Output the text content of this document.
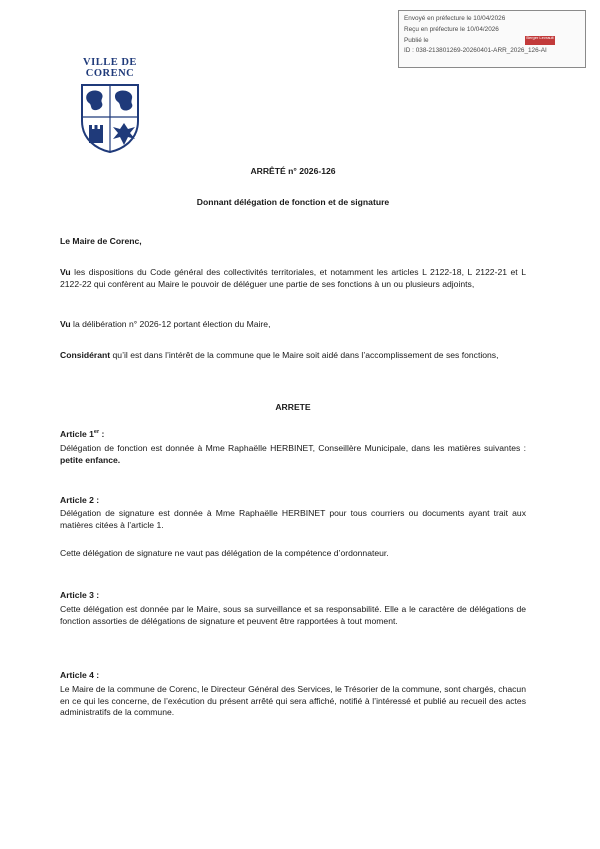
Envoyé en préfecture le 10/04/2026
Reçu en préfecture le 10/04/2026
Publié le
ID : 038-213801269-20260401-ARR_2026_126-AI
Berger Levrault
VILLE DE
CORENC
ARRÊTÉ n° 2026-126
Donnant délégation de fonction et de signature
Le Maire de Corenc,
Vu les dispositions du Code général des collectivités territoriales, et notamment les articles L 2122-18, L 2122-21 et L 2122-22 qui confèrent au Maire le pouvoir de déléguer une partie de ses fonctions à un ou plusieurs adjoints,
Vu la délibération n° 2026-12 portant élection du Maire,
Considérant qu’il est dans l’intérêt de la commune que le Maire soit aidé dans l’accomplissement de ses fonctions,
ARRETE
Article 1er :
Délégation de fonction est donnée à Mme Raphaëlle HERBINET, Conseillère Municipale, dans les matières suivantes : petite enfance.
Article 2 :
Délégation de signature est donnée à Mme Raphaëlle HERBINET pour tous courriers ou documents ayant trait aux matières citées à l’article 1.
Cette délégation de signature ne vaut pas délégation de la compétence d’ordonnateur.
Article 3 :
Cette délégation est donnée par le Maire, sous sa surveillance et sa responsabilité. Elle a le caractère de délégations de fonction assorties de délégations de signature et peuvent être rapportées à tout moment.
Article 4 :
Le Maire de la commune de Corenc, le Directeur Général des Services, le Trésorier de la commune, sont chargés, chacun en ce qui les concerne, de l’exécution du présent arrêté qui sera affiché, notifié à l’intéressé et publié au recueil des actes administratifs de la commune.
